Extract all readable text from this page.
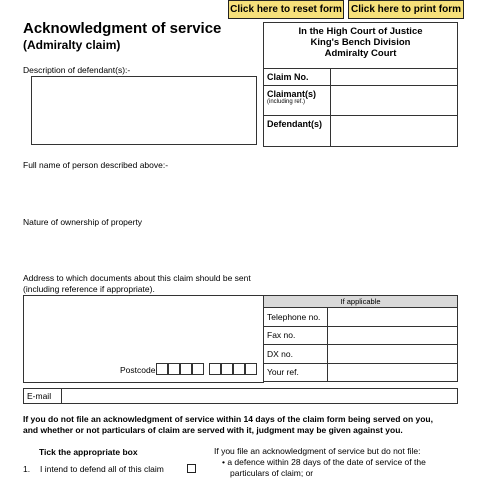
Click here to reset form Click here to print form
Acknowledgment of service
(Admiralty claim)
In the High Court of Justice
King's Bench Division
Admiralty Court	
Claim No.	
Claimant(s)
(including ref.)	

Defendant(s)	
Description of defendant(s):-
Full name of person described above:-
Nature of ownership of property
Address to which documents about this claim should be sent
(including reference if appropriate).
Postcode
If applicable	
Telephone no.	
Fax no.	
DX no.	
Your ref.	
E-mail
If you do not file an acknowledgment of service within 14 days of the claim form being served on you,
and whether or not particulars of claim are served with it, judgment may be given against you.
Tick the appropriate box
1. I intend to defend all of this claim
If you file an acknowledgment of service but do not file:
• a defence within 28 days of the date of service of the
particulars of claim; or
